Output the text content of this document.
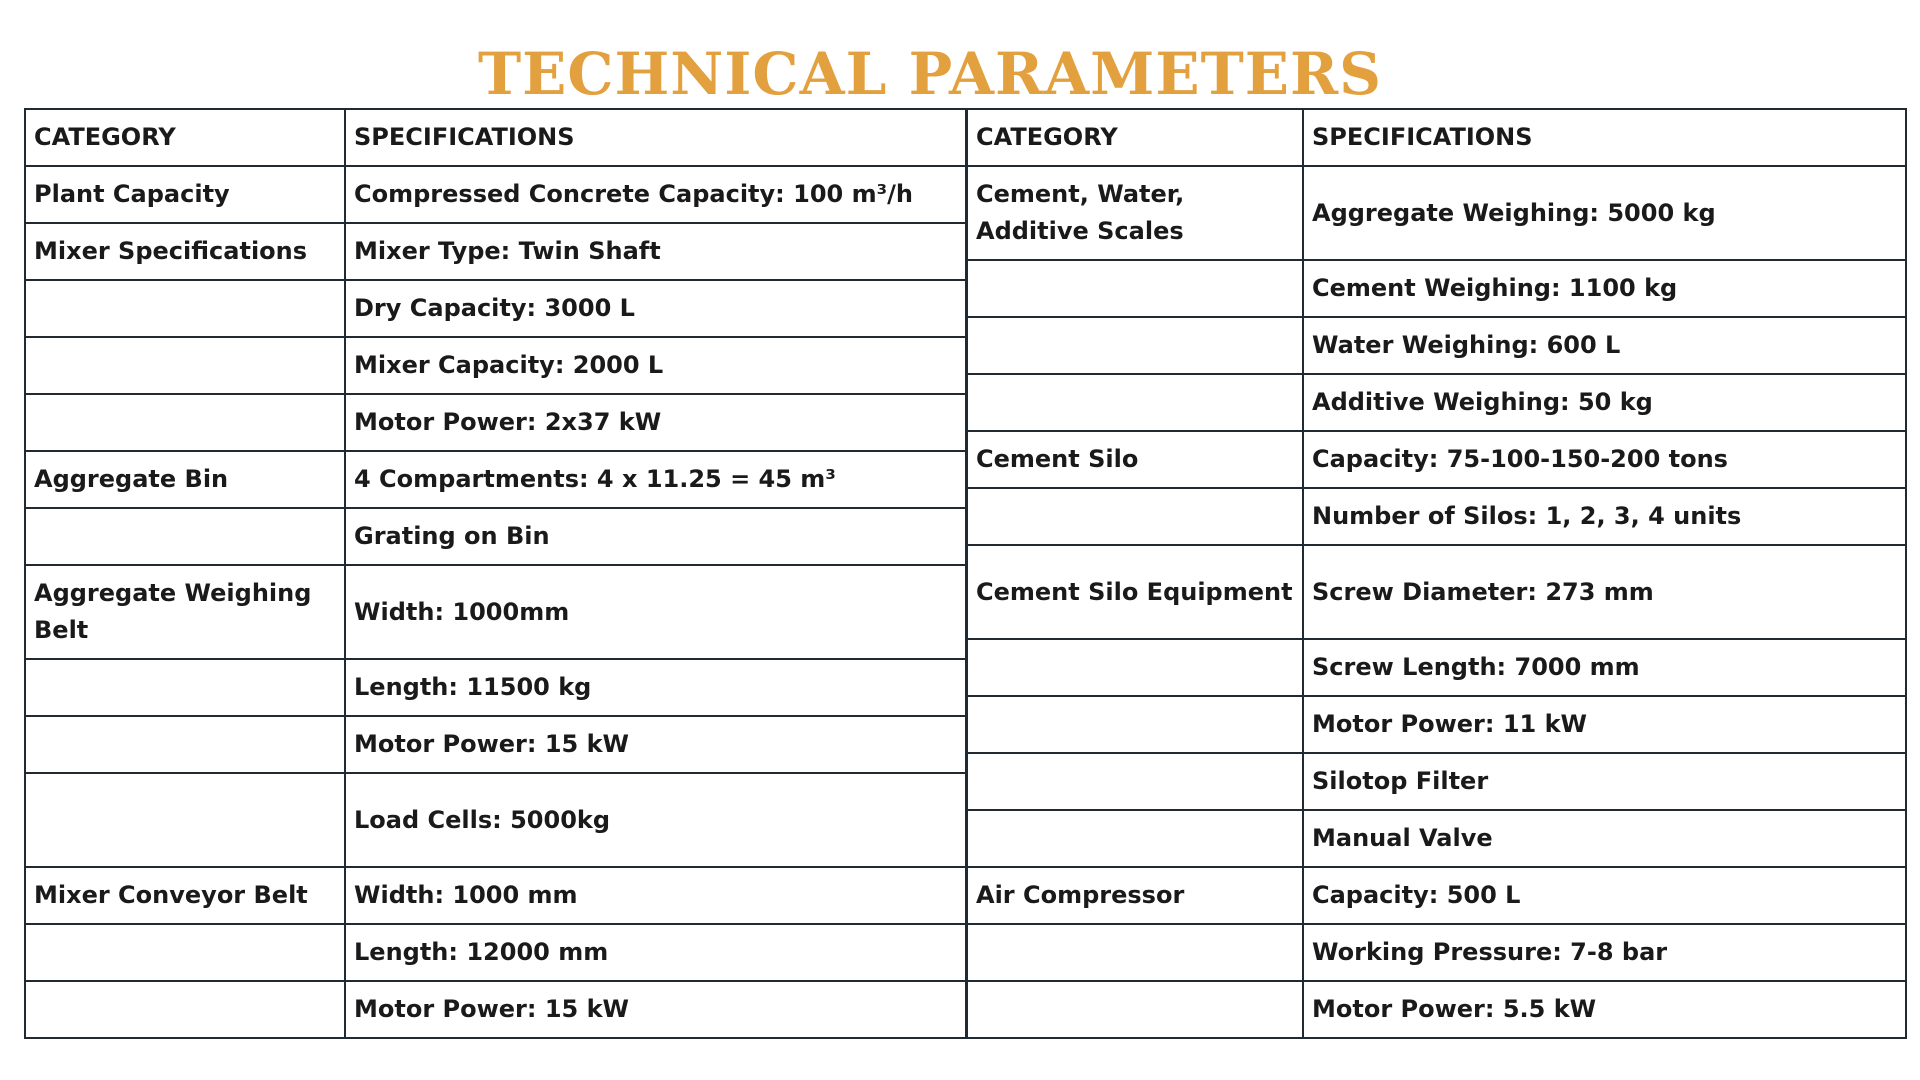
TECHNICAL PARAMETERS
CATEGORY	SPECIFICATIONS
Plant Capacity	Compressed Concrete Capacity: 100 m³/h
Mixer Specifications	Mixer Type: Twin Shaft
	Dry Capacity: 3000 L
	Mixer Capacity: 2000 L
	Motor Power: 2x37 kW
Aggregate Bin	4 Compartments: 4 x 11.25 = 45 m³
	Grating on Bin
Aggregate Weighing Belt	Width: 1000mm
	Length: 11500 kg
	Motor Power: 15 kW
	Load Cells: 5000kg
Mixer Conveyor Belt	Width: 1000 mm
	Length: 12000 mm
	Motor Power: 15 kW
CATEGORY	SPECIFICATIONS
Cement, Water, Additive Scales	Aggregate Weighing: 5000 kg
	Cement Weighing: 1100 kg
	Water Weighing: 600 L
	Additive Weighing: 50 kg
Cement Silo	Capacity: 75-100-150-200 tons
	Number of Silos: 1, 2, 3, 4 units
Cement Silo Equipment	Screw Diameter: 273 mm
	Screw Length: 7000 mm
	Motor Power: 11 kW
	Silotop Filter
	Manual Valve
Air Compressor	Capacity: 500 L
	Working Pressure: 7-8 bar
	Motor Power: 5.5 kW
